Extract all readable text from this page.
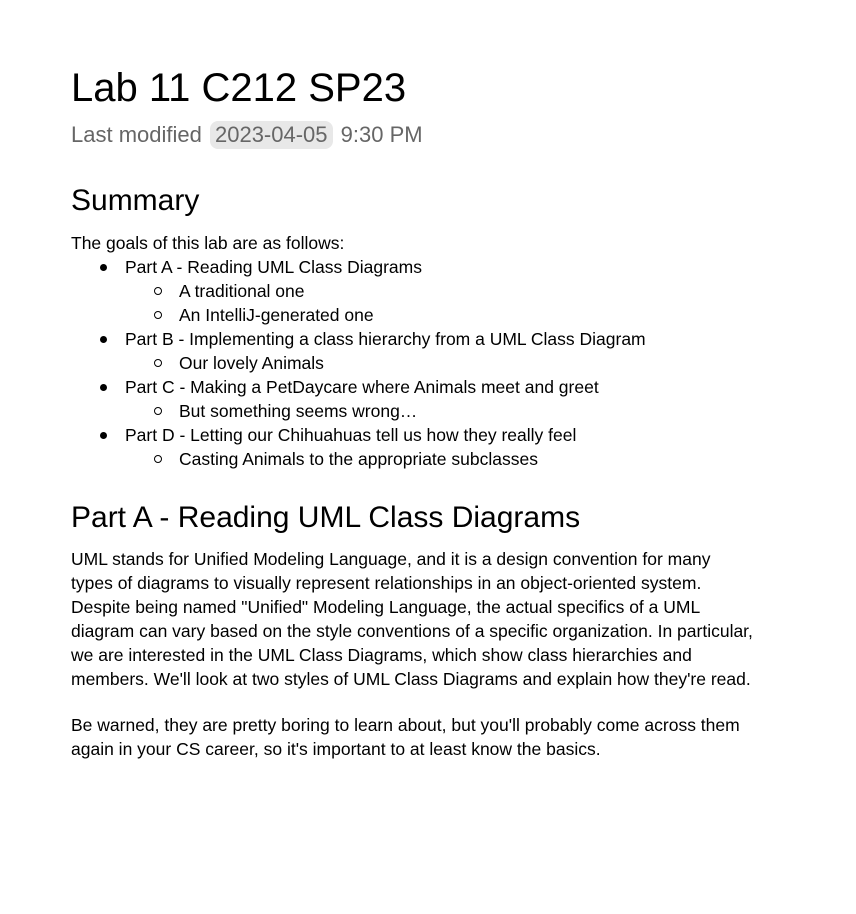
Lab 11 C212 SP23
Last modified 2023-04-05 9:30 PM
Summary

The goals of this lab are as follows:

Part A - Reading UML Class Diagrams
A traditional one
An IntelliJ-generated one
Part B - Implementing a class hierarchy from a UML Class Diagram
Our lovely Animals
Part C - Making a PetDaycare where Animals meet and greet
But something seems wrong…
Part D - Letting our Chihuahuas tell us how they really feel
Casting Animals to the appropriate subclasses
Part A - Reading UML Class Diagrams

UML stands for Unified Modeling Language, and it is a design convention for many
types of diagrams to visually represent relationships in an object-oriented system.
Despite being named "Unified" Modeling Language, the actual specifics of a UML
diagram can vary based on the style conventions of a specific organization. In particular,
we are interested in the UML Class Diagrams, which show class hierarchies and
members. We'll look at two styles of UML Class Diagrams and explain how they're read.

Be warned, they are pretty boring to learn about, but you'll probably come across them
again in your CS career, so it's important to at least know the basics.
